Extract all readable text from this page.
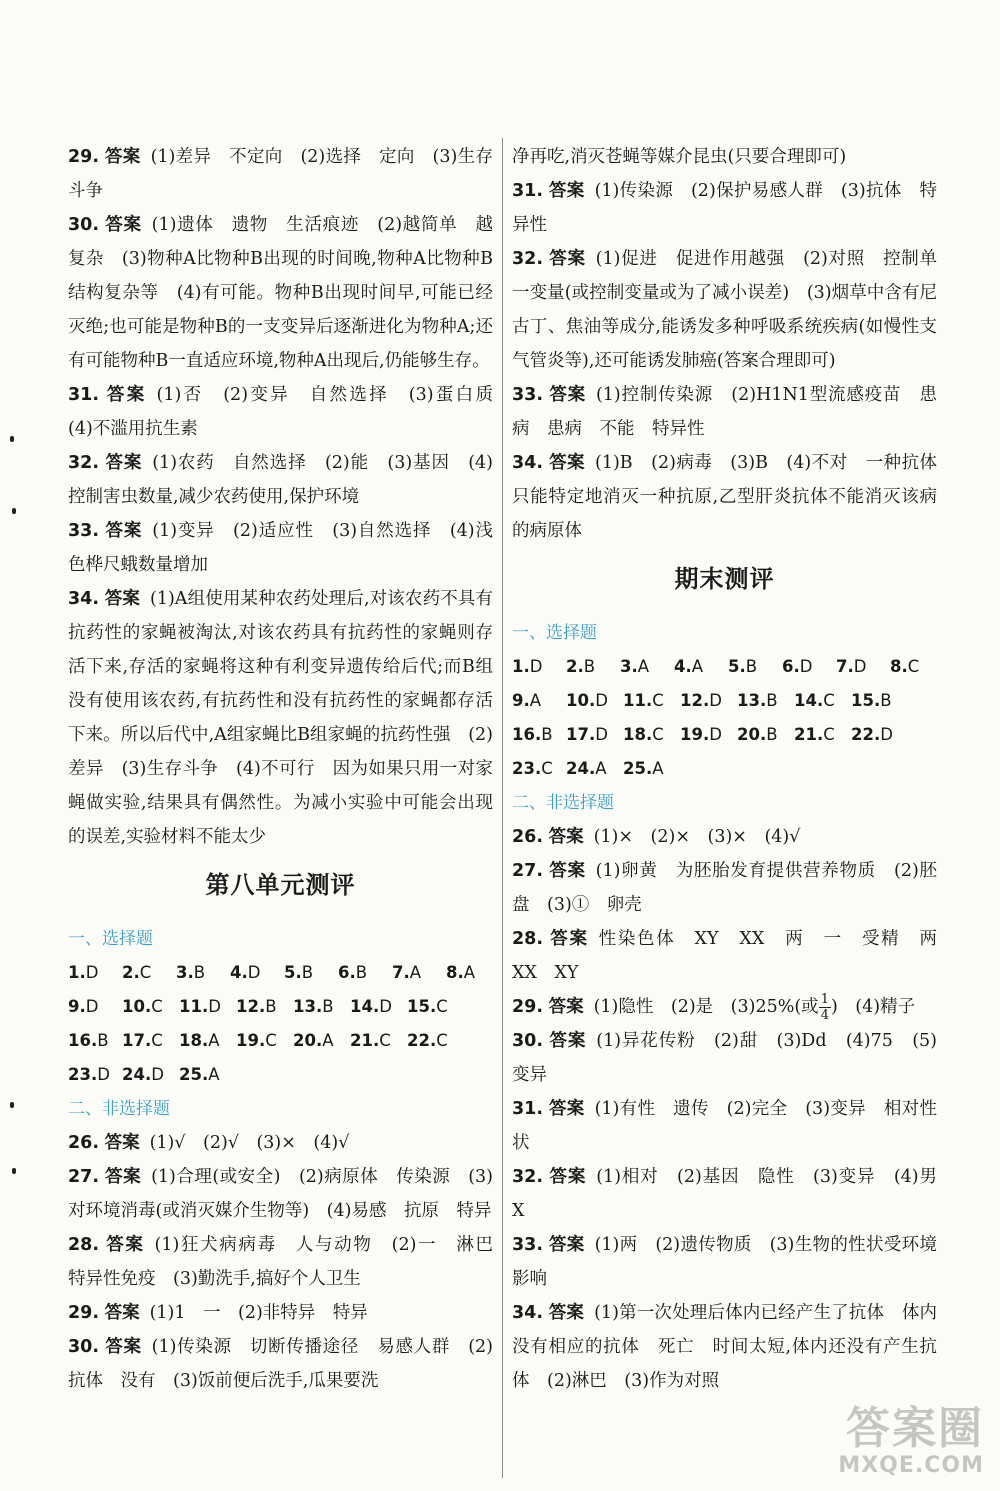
29. 答案 (1)差异　不定向　(2)选择　定向　(3)生存斗争

30. 答案 (1)遗体　遗物　生活痕迹　(2)越简单　越复杂　(3)物种A比物种B出现的时间晚,物种A比物种B结构复杂等　(4)有可能。物种B出现时间早,可能已经灭绝;也可能是物种B的一支变异后逐渐进化为物种A;还有可能物种B一直适应环境,物种A出现后,仍能够生存。

31. 答案 (1)否　(2)变异　自然选择　(3)蛋白质　(4)不滥用抗生素

32. 答案 (1)农药　自然选择　(2)能　(3)基因　(4)控制害虫数量,减少农药使用,保护环境

33. 答案 (1)变异　(2)适应性　(3)自然选择　(4)浅色桦尺蛾数量增加

34. 答案 (1)A组使用某种农药处理后,对该农药不具有抗药性的家蝇被淘汰,对该农药具有抗药性的家蝇则存活下来,存活的家蝇将这种有利变异遗传给后代;而B组没有使用该农药,有抗药性和没有抗药性的家蝇都存活下来。所以后代中,A组家蝇比B组家蝇的抗药性强　(2)差异　(3)生存斗争　(4)不可行　因为如果只用一对家蝇做实验,结果具有偶然性。为减小实验中可能会出现的误差,实验材料不能太少

第八单元测评
一、选择题
1.D 2.C 3.B 4.D 5.B 6.B 7.A 8.A
9.D 10.C 11.D 12.B 13.B 14.D 15.C
16.B 17.C 18.A 19.C 20.A 21.C 22.C
23.D 24.D 25.A
二、非选择题

26. 答案 (1)√　(2)√　(3)×　(4)√

27. 答案 (1)合理(或安全)　(2)病原体　传染源　(3)对环境消毒(或消灭媒介生物等)　(4)易感　抗原　特异

28. 答案 (1)狂犬病病毒　人与动物　(2)一　淋巴　特异性免疫　(3)勤洗手,搞好个人卫生

29. 答案 (1)1　一　(2)非特异　特异

30. 答案 (1)传染源　切断传播途径　易感人群　(2)抗体　没有　(3)饭前便后洗手,瓜果要洗

净再吃,消灭苍蝇等媒介昆虫(只要合理即可)

31. 答案 (1)传染源　(2)保护易感人群　(3)抗体　特异性

32. 答案 (1)促进　促进作用越强　(2)对照　控制单一变量(或控制变量或为了减小误差)　(3)烟草中含有尼古丁、焦油等成分,能诱发多种呼吸系统疾病(如慢性支气管炎等),还可能诱发肺癌(答案合理即可)

33. 答案 (1)控制传染源　(2)H1N1型流感疫苗　患病　患病　不能　特异性

34. 答案 (1)B　(2)病毒　(3)B　(4)不对　一种抗体只能特定地消灭一种抗原,乙型肝炎抗体不能消灭该病的病原体

期末测评
一、选择题
1.D 2.B 3.A 4.A 5.B 6.D 7.D 8.C
9.A 10.D 11.C 12.D 13.B 14.C 15.B
16.B 17.D 18.C 19.D 20.B 21.C 22.D
23.C 24.A 25.A
二、非选择题

26. 答案 (1)×　(2)×　(3)×　(4)√

27. 答案 (1)卵黄　为胚胎发育提供营养物质　(2)胚盘　(3)①　卵壳

28. 答案 性染色体　XY　XX　两　一　受精　两　XX　XY

29. 答案 (1)隐性　(2)是　(3)25%(或 $\frac{1}{4}$ )　(4)精子

30. 答案 (1)异花传粉　(2)甜　(3)Dd　(4)75　(5)变异

31. 答案 (1)有性　遗传　(2)完全　(3)变异　相对性状

32. 答案 (1)相对　(2)基因　隐性　(3)变异　(4)男　X

33. 答案 (1)两　(2)遗传物质　(3)生物的性状受环境影响

34. 答案 (1)第一次处理后体内已经产生了抗体　体内没有相应的抗体　死亡　时间太短,体内还没有产生抗体　(2)淋巴　(3)作为对照

答案圈
MXQE.COM
